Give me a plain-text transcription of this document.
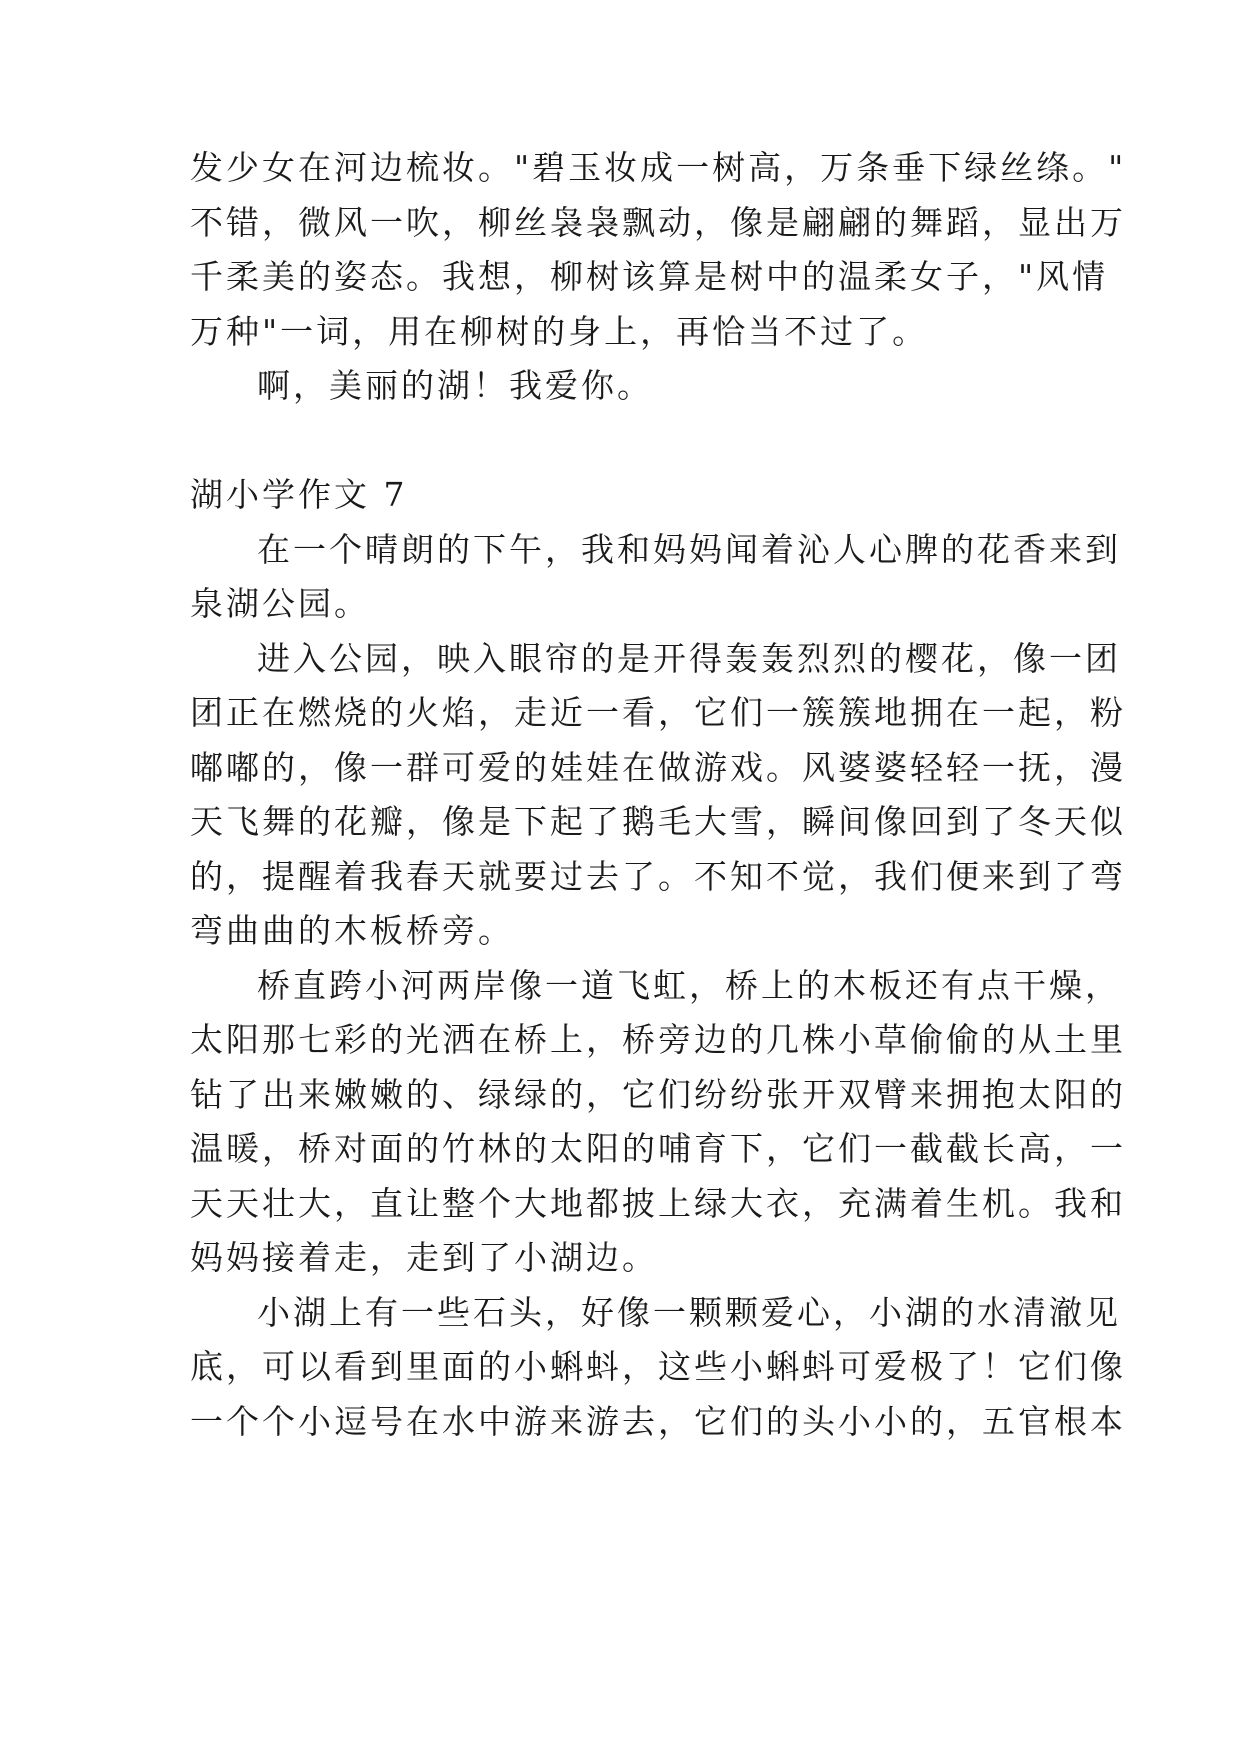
发少女在河边梳妆。"碧玉妆成一树高，万条垂下绿丝绦。"
不错，微风一吹，柳丝袅袅飘动，像是翩翩的舞蹈，显出万
千柔美的姿态。我想，柳树该算是树中的温柔女子，"风情
万种"一词，用在柳树的身上，再恰当不过了。
啊，美丽的湖！我爱你。
湖小学作文 7
在一个晴朗的下午，我和妈妈闻着沁人心脾的花香来到
泉湖公园。
进入公园，映入眼帘的是开得轰轰烈烈的樱花，像一团
团正在燃烧的火焰，走近一看，它们一簇簇地拥在一起，粉
嘟嘟的，像一群可爱的娃娃在做游戏。风婆婆轻轻一抚，漫
天飞舞的花瓣，像是下起了鹅毛大雪，瞬间像回到了冬天似
的，提醒着我春天就要过去了。不知不觉，我们便来到了弯
弯曲曲的木板桥旁。
桥直跨小河两岸像一道飞虹，桥上的木板还有点干燥，
太阳那七彩的光洒在桥上，桥旁边的几株小草偷偷的从土里
钻了出来嫩嫩的、绿绿的，它们纷纷张开双臂来拥抱太阳的
温暖，桥对面的竹林的太阳的哺育下，它们一截截长高，一
天天壮大，直让整个大地都披上绿大衣，充满着生机。我和
妈妈接着走，走到了小湖边。
小湖上有一些石头，好像一颗颗爱心，小湖的水清澈见
底，可以看到里面的小蝌蚪，这些小蝌蚪可爱极了！它们像
一个个小逗号在水中游来游去，它们的头小小的，五官根本
